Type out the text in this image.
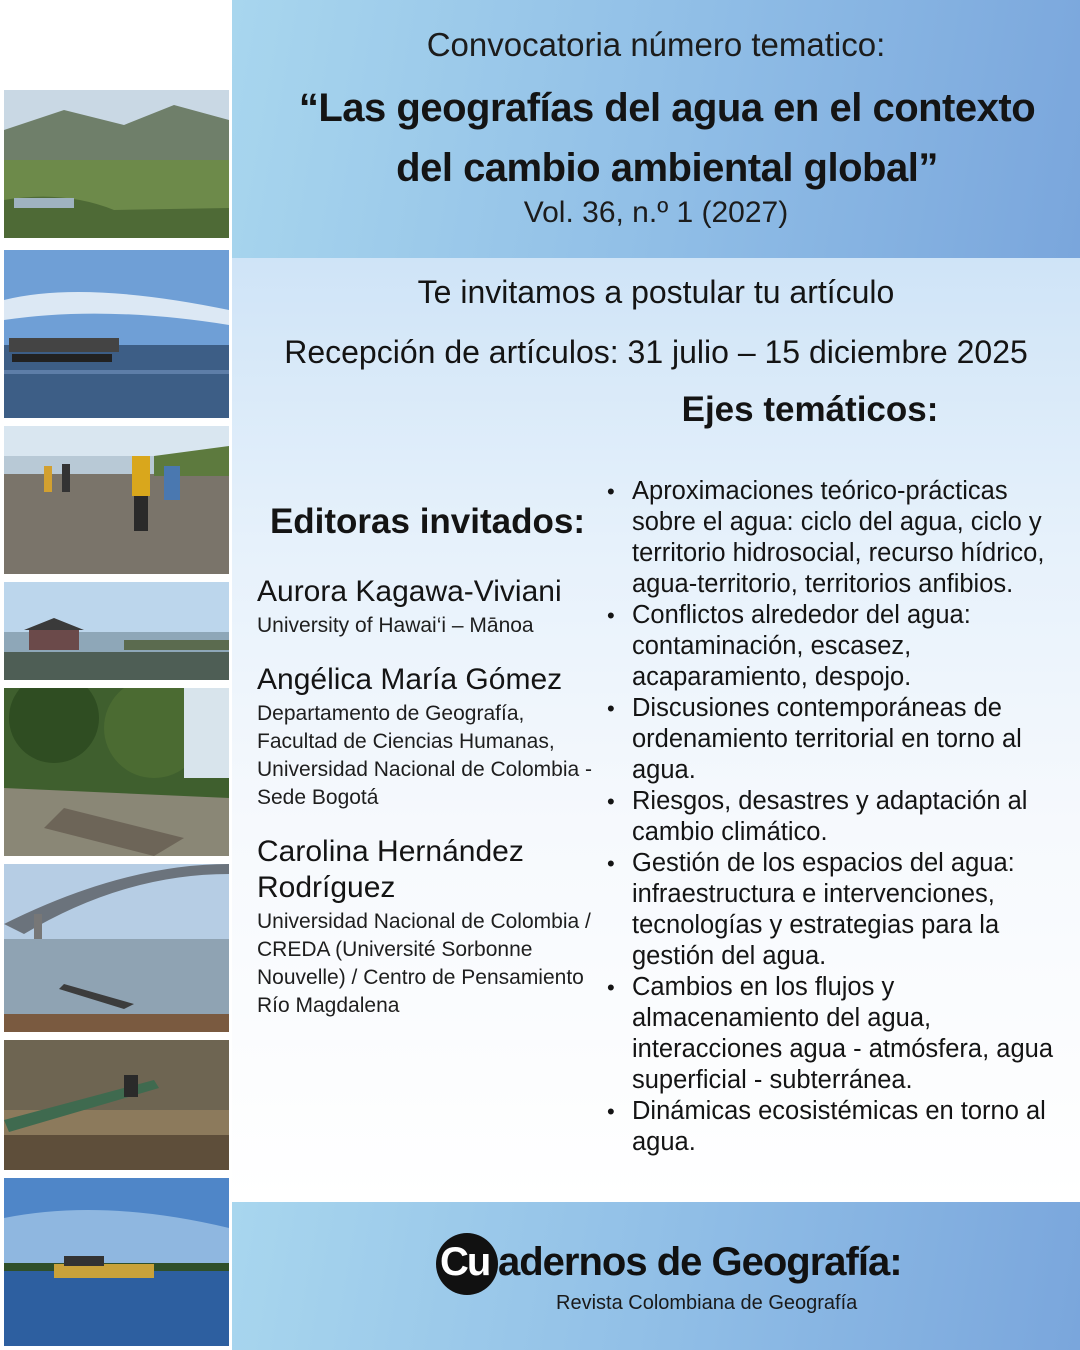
Convocatoria número tematico:
“Las geografías del agua en el contexto del cambio ambiental global”
Vol. 36, n.º 1 (2027)
Te invitamos a postular tu artículo
Recepción de artículos: 31 julio – 15 diciembre 2025
Ejes temáticos:
Editoras invitados:
Aurora Kagawa-Viviani
University of Hawai‘i – Mānoa
Angélica María Gómez
Departamento de Geografía, Facultad de Ciencias Humanas, Universidad Nacional de Colombia - Sede Bogotá
Carolina Hernández Rodríguez
Universidad Nacional de Colombia / CREDA (Université Sorbonne Nouvelle) / Centro de Pensamiento Río Magdalena
• Aproximaciones teórico-prácticas sobre el agua: ciclo del agua, ciclo y territorio hidrosocial, recurso hídrico, agua-territorio, territorios anfibios.
• Conflictos alrededor del agua: contaminación, escasez, acaparamiento, despojo.
• Discusiones contemporáneas de ordenamiento territorial en torno al agua.
• Riesgos, desastres y adaptación al cambio climático.
• Gestión de los espacios del agua: infraestructura e intervenciones, tecnologías y estrategias para la gestión del agua.
• Cambios en los flujos y almacenamiento del agua, interacciones agua - atmósfera, agua superficial - subterránea.
• Dinámicas ecosistémicas en torno al agua.
Cu adernos de Geografía:
Revista Colombiana de Geografía
